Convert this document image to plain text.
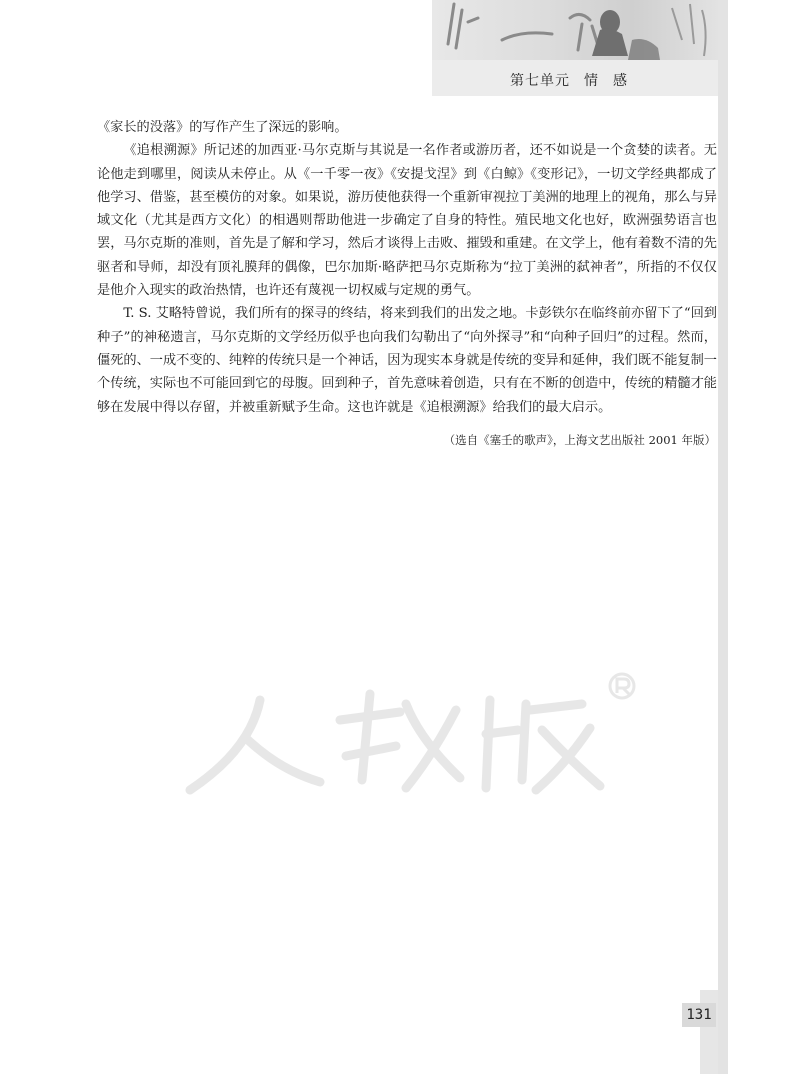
第七单元 情 感

《家长的没落》的写作产生了深远的影响。

《追根溯源》所记述的加西亚·马尔克斯与其说是一名作者或游历者，还不如说是一个贪婪的读者。无论他走到哪里，阅读从未停止。从《一千零一夜》《安提戈涅》到《白鲸》《变形记》，一切文学经典都成了他学习、借鉴，甚至模仿的对象。如果说，游历使他获得一个重新审视拉丁美洲的地理上的视角，那么与异域文化（尤其是西方文化）的相遇则帮助他进一步确定了自身的特性。殖民地文化也好，欧洲强势语言也罢，马尔克斯的准则，首先是了解和学习，然后才谈得上击败、摧毁和重建。在文学上，他有着数不清的先驱者和导师，却没有顶礼膜拜的偶像，巴尔加斯·略萨把马尔克斯称为“拉丁美洲的弑神者”，所指的不仅仅是他介入现实的政治热情，也许还有蔑视一切权威与定规的勇气。

T. S. 艾略特曾说，我们所有的探寻的终结，将来到我们的出发之地。卡彭铁尔在临终前亦留下了“回到种子”的神秘遗言，马尔克斯的文学经历似乎也向我们勾勒出了“向外探寻”和“向种子回归”的过程。然而，僵死的、一成不变的、纯粹的传统只是一个神话，因为现实本身就是传统的变异和延伸，我们既不能复制一个传统，实际也不可能回到它的母腹。回到种子，首先意味着创造，只有在不断的创造中，传统的精髓才能够在发展中得以存留，并被重新赋予生命。这也许就是《追根溯源》给我们的最大启示。

（选自《塞壬的歌声》，上海文艺出版社 2001 年版）
131
